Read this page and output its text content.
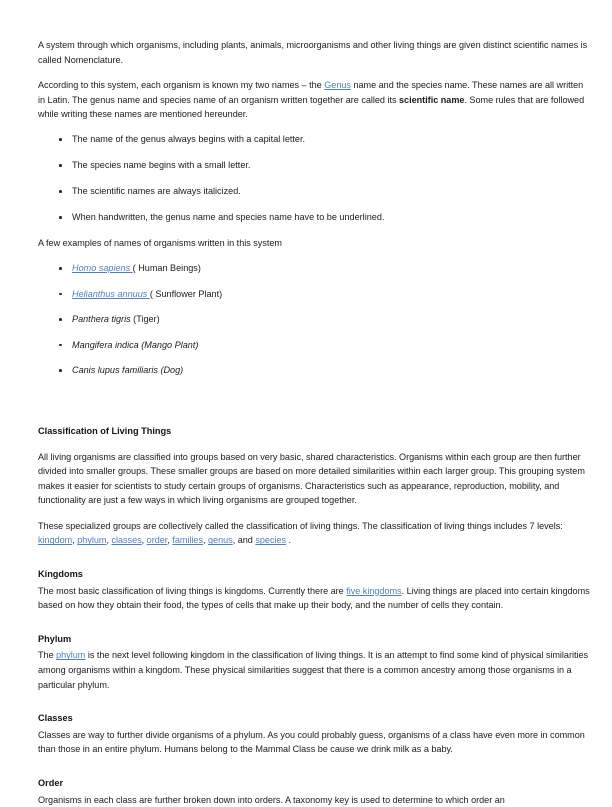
A system through which organisms, including plants, animals, microorganisms and other living things are given distinct scientific names is called Nomenclature.

According to this system, each organism is known my two names – the Genus name and the species name. These names are all written in Latin. The genus name and species name of an organism written together are called its scientific name. Some rules that are followed while writing these names are mentioned hereunder.

The name of the genus always begins with a capital letter.
The species name begins with a small letter.
The scientific names are always italicized.
When handwritten, the genus name and species name have to be underlined.

A few examples of names of organisms written in this system

Homo sapiens ( Human Beings)
Helianthus annuus ( Sunflower Plant)
Panthera tigris (Tiger)
Mangifera indica (Mango Plant)
Canis lupus familiaris (Dog)
Classification of Living Things

All living organisms are classified into groups based on very basic, shared characteristics. Organisms within each group are then further divided into smaller groups. These smaller groups are based on more detailed similarities within each larger group. This grouping system makes it easier for scientists to study certain groups of organisms. Characteristics such as appearance, reproduction, mobility, and functionality are just a few ways in which living organisms are grouped together.

These specialized groups are collectively called the classification of living things. The classification of living things includes 7 levels: kingdom, phylum, classes, order, families, genus, and species .

Kingdoms

The most basic classification of living things is kingdoms. Currently there are five kingdoms. Living things are placed into certain kingdoms based on how they obtain their food, the types of cells that make up their body, and the number of cells they contain.

Phylum

The phylum is the next level following kingdom in the classification of living things. It is an attempt to find some kind of physical similarities among organisms within a kingdom. These physical similarities suggest that there is a common ancestry among those organisms in a particular phylum.

Classes

Classes are way to further divide organisms of a phylum. As you could probably guess, organisms of a class have even more in common than those in an entire phylum. Humans belong to the Mammal Class be cause we drink milk as a baby.

Order

Organisms in each class are further broken down into orders. A taxonomy key is used to determine to which order an
